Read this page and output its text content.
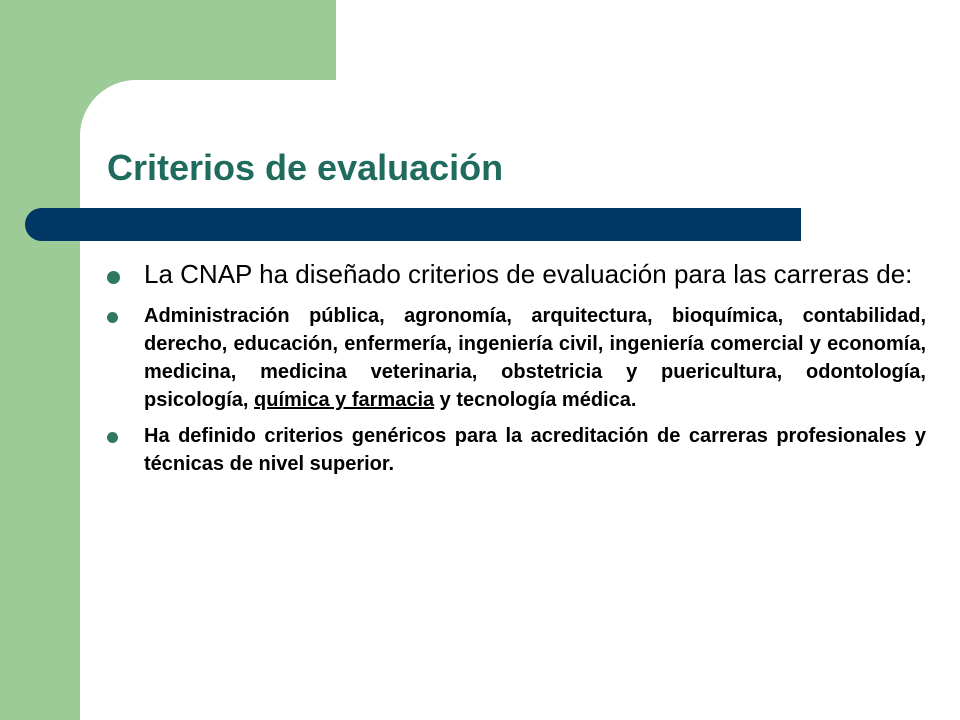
Criterios de evaluación
La CNAP ha diseñado criterios de evaluación para las carreras de:
Administración pública, agronomía, arquitectura, bioquímica, contabilidad, derecho, educación, enfermería, ingeniería civil, ingeniería comercial y economía, medicina, medicina veterinaria, obstetricia y puericultura, odontología, psicología, química y farmacia y tecnología médica.
Ha definido criterios genéricos para la acreditación de carreras profesionales y técnicas de nivel superior.
